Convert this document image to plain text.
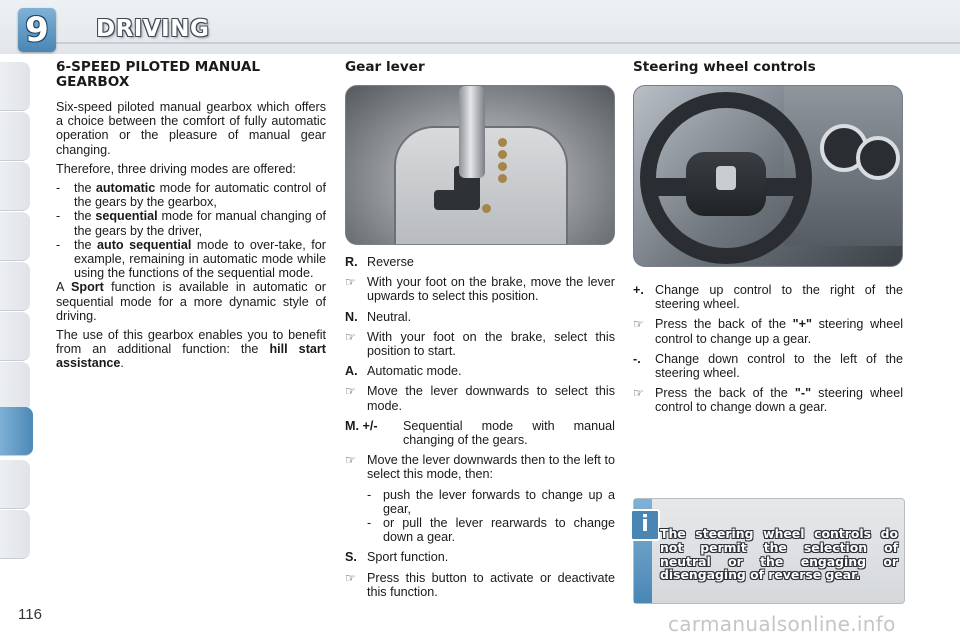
9	DRIVING
6-SPEED PILOTED MANUAL GEARBOX

Six-speed piloted manual gearbox which offers a choice between the comfort of fully automatic operation or the pleasure of manual gear changing.

Therefore, three driving modes are offered:

-	the automatic mode for automatic control of the gears by the gearbox,
-	the sequential mode for manual changing of the gears by the driver,
-	the auto sequential mode to over-take, for example, remaining in automatic mode while using the functions of the sequential mode.

A Sport function is available in automatic or sequential mode for a more dynamic style of driving.

The use of this gearbox enables you to benefit from an additional function: the hill start assistance.

Gear lever
R. Reverse
☞ With your foot on the brake, move the lever upwards to select this position.
N. Neutral.
☞ With your foot on the brake, select this position to start.
A. Automatic mode.
☞ Move the lever downwards to select this mode.
M. +/-	Sequential mode with manual changing of the gears.
☞ Move the lever downwards then to the left to select this mode, then:
- push the lever forwards to change up a gear,
- or pull the lever rearwards to change down a gear.
S. Sport function.
☞ Press this button to activate or deactivate this function.
Steering wheel controls
+. Change up control to the right of the steering wheel.
☞ Press the back of the "+" steering wheel control to change up a gear.
-.	Change down control to the left of the steering wheel.
☞ Press the back of the "-" steering wheel control to change down a gear.
i The steering wheel controls do not permit the selection of neutral or the engaging or disengaging of reverse gear.
116	carmanualsonline.info
